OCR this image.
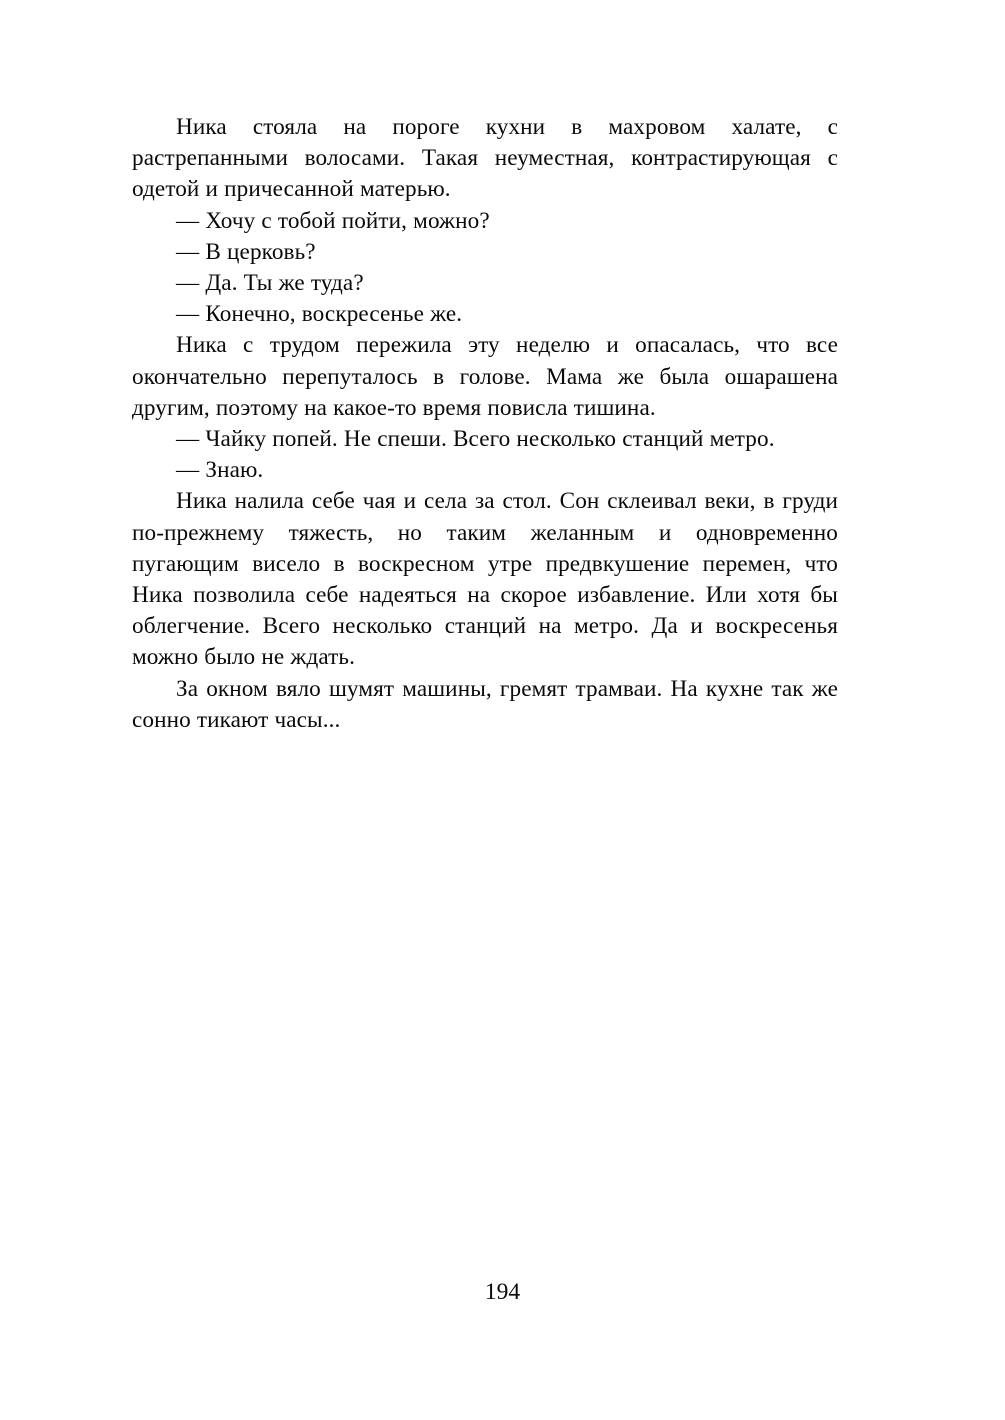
Ника стояла на пороге кухни в махровом халате, с растрепанными волосами. Такая неуместная, контрастирующая с одетой и причесанной матерью.

— Хочу с тобой пойти, можно?

— В церковь?

— Да. Ты же туда?

— Конечно, воскресенье же.

Ника с трудом пережила эту неделю и опасалась, что все окончательно перепуталось в голове. Мама же была ошарашена другим, поэтому на какое-то время повисла тишина.

— Чайку попей. Не спеши. Всего несколько станций метро.

— Знаю.

Ника налила себе чая и села за стол. Сон склеивал веки, в груди по-прежнему тяжесть, но таким желанным и одновременно пугающим висело в воскресном утре предвкушение перемен, что Ника позволила себе надеяться на скорое избавление. Или хотя бы облегчение. Всего несколько станций на метро. Да и воскресенья можно было не ждать.

За окном вяло шумят машины, гремят трамваи. На кухне так же сонно тикают часы...

194
